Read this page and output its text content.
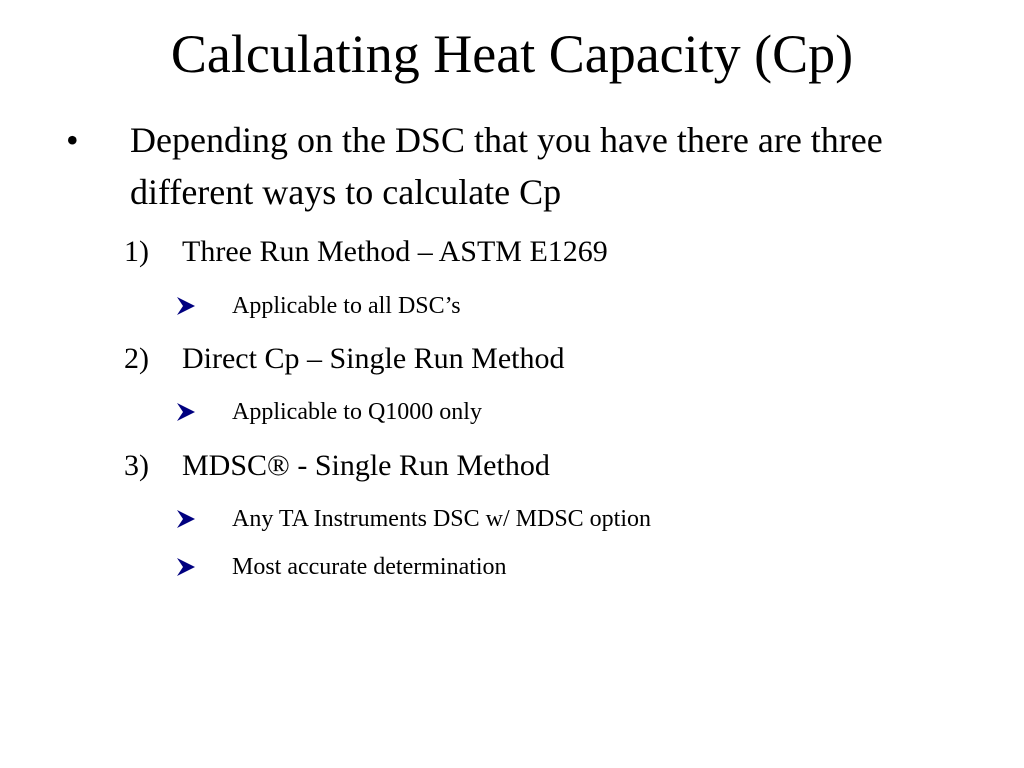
Calculating Heat Capacity (Cp)
•	Depending on the DSC that you have there are three different ways to calculate Cp
1) Three Run Method – ASTM E1269
Applicable to all DSC’s
2) Direct Cp – Single Run Method
Applicable to Q1000 only
3) MDSC® - Single Run Method
Any TA Instruments DSC w/ MDSC option
Most accurate determination
